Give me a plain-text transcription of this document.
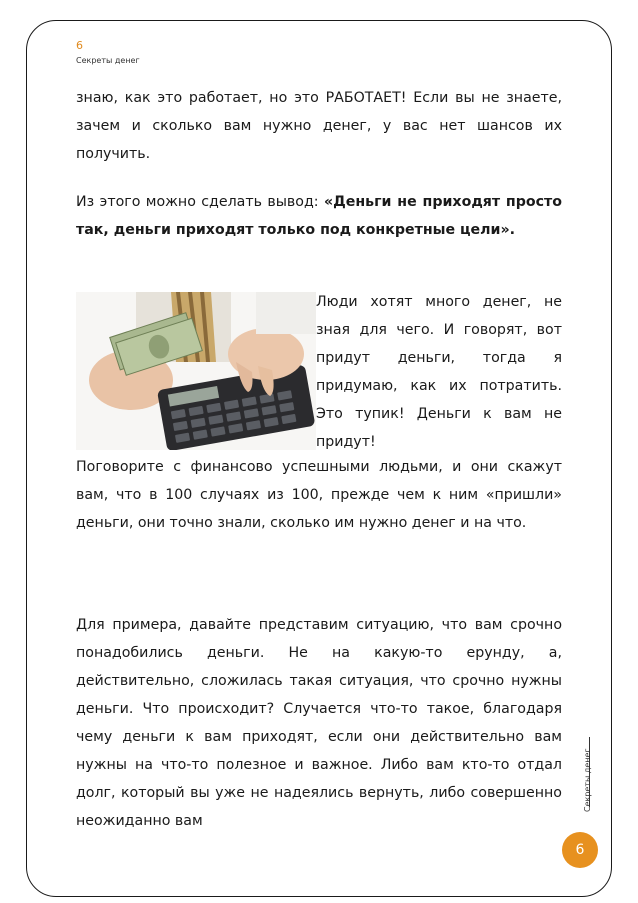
6
Секреты денег
знаю, как это работает, но это РАБОТАЕТ! Если вы не знаете, зачем и сколько вам нужно денег, у вас нет шансов их получить.
Из этого можно сделать вывод: «Деньги не приходят просто так, деньги приходят только под конкретные цели».
Люди хотят много денег, не зная для чего. И говорят, вот придут деньги, тогда я придумаю, как их потратить. Это тупик! Деньги к вам не придут!
Поговорите с финансово успешными людьми, и они скажут вам, что в 100 случаях из 100, прежде чем к ним «пришли» деньги, они точно знали, сколько им нужно денег и на что.
Для примера, давайте представим ситуацию, что вам срочно понадобились деньги. Не на какую-то ерунду, а, действительно, сложилась такая ситуация, что срочно нужны деньги. Что происходит? Случается что-то такое, благодаря чему деньги к вам приходят, если они действительно вам нужны на что-то полезное и важное. Либо вам кто-то отдал долг, который вы уже не надеялись вернуть, либо совершенно неожиданно вам
Секреты денег
6
